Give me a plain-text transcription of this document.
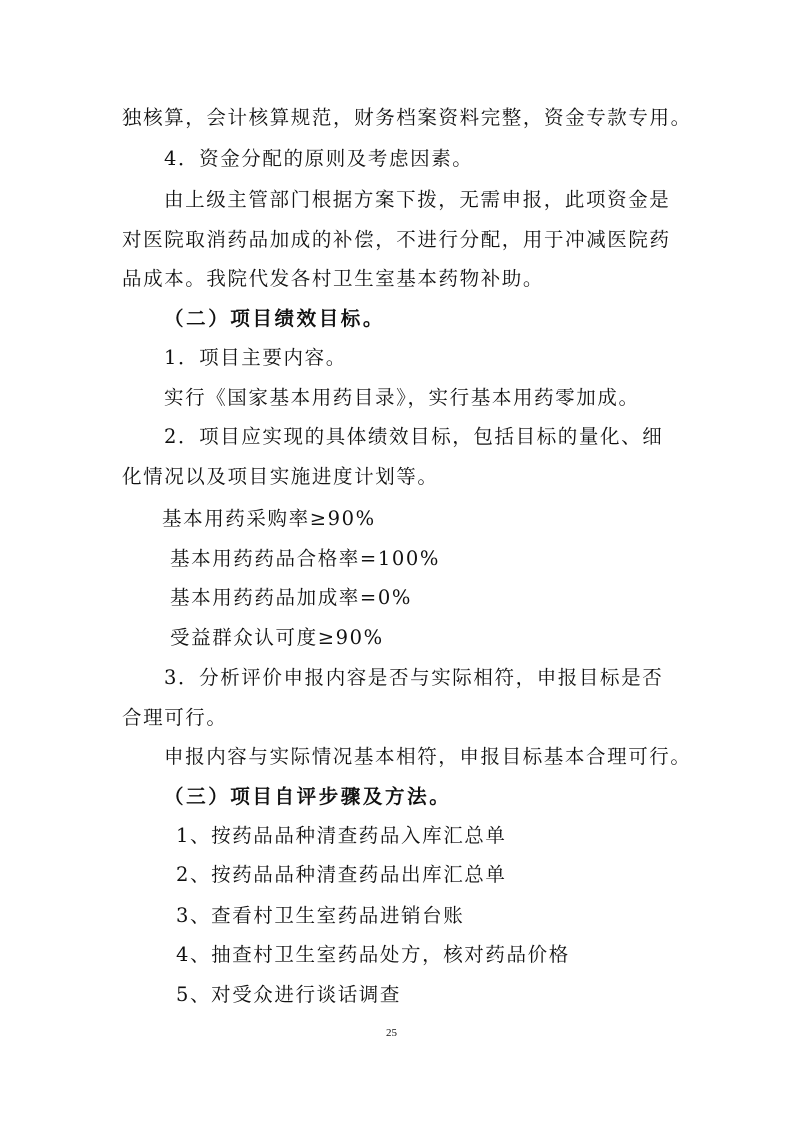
独核算，会计核算规范，财务档案资料完整，资金专款专用。
4．资金分配的原则及考虑因素。
由上级主管部门根据方案下拨，无需申报，此项资金是
对医院取消药品加成的补偿，不进行分配，用于冲减医院药
品成本。我院代发各村卫生室基本药物补助。
（二）项目绩效目标。
1．项目主要内容。
实行《国家基本用药目录》，实行基本用药零加成。
2．项目应实现的具体绩效目标，包括目标的量化、细
化情况以及项目实施进度计划等。
基本用药采购率≥90%
基本用药药品合格率=100%
基本用药药品加成率=0%
受益群众认可度≥90%
3．分析评价申报内容是否与实际相符，申报目标是否
合理可行。
申报内容与实际情况基本相符，申报目标基本合理可行。
（三）项目自评步骤及方法。
1、按药品品种清查药品入库汇总单
2、按药品品种清查药品出库汇总单
3、查看村卫生室药品进销台账
4、抽查村卫生室药品处方，核对药品价格
5、对受众进行谈话调查
25
